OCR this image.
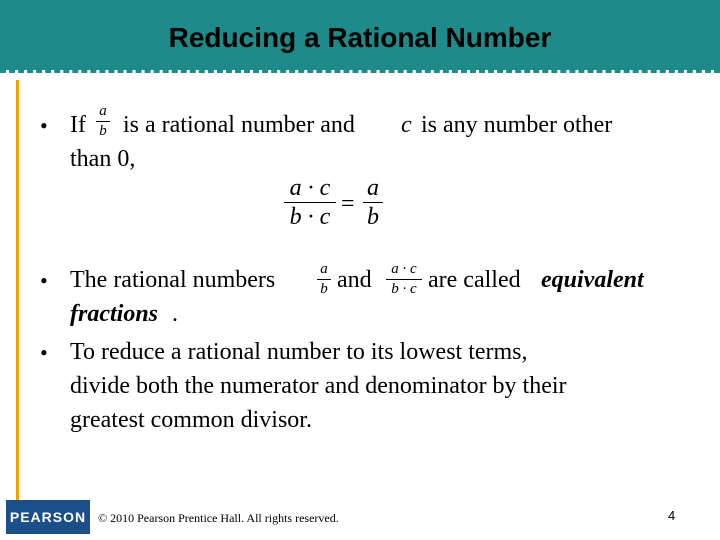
Reducing a Rational Number
• If
a
b is a rational number and c is any number other
than 0,
a · c
b · c =
a
b
• The rational numbers	a
b and	a · c
b · c are called equivalent
fractions .
• To reduce a rational number to its lowest terms,
divide both the numerator and denominator by their
greatest common divisor.
PEARSON © 2010 Pearson Prentice Hall. All rights reserved.	4
